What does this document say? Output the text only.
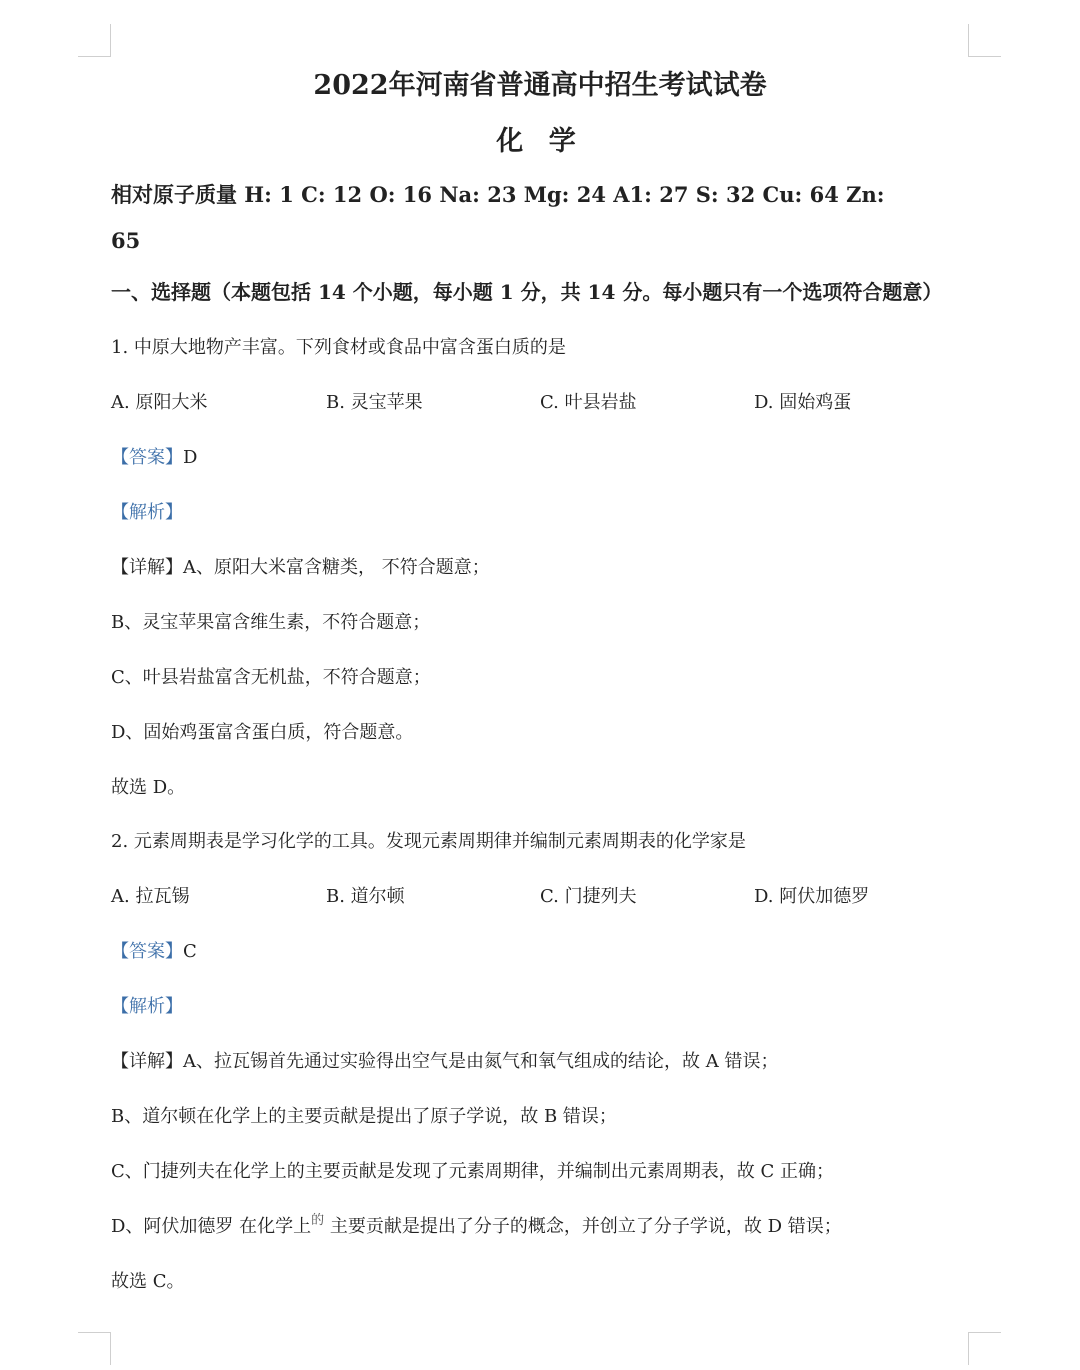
2022年河南省普通高中招生考试试卷
化 学
相对原子质量 H: 1 C: 12 O: 16 Na: 23 Mg: 24 A1: 27 S: 32 Cu: 64 Zn:
65
一、选择题（本题包括 14 个小题，每小题 1 分，共 14 分。每小题只有一个选项符合题意）
1. 中原大地物产丰富。下列食材或食品中富含蛋白质的是
A. 原阳大米	B. 灵宝苹果	C. 叶县岩盐	D. 固始鸡蛋
【答案】D
【解析】
【详解】A、原阳大米富含糖类， 不符合题意；
B、灵宝苹果富含维生素，不符合题意；
C、叶县岩盐富含无机盐，不符合题意；
D、固始鸡蛋富含蛋白质，符合题意。
故选 D。
2. 元素周期表是学习化学的工具。发现元素周期律并编制元素周期表的化学家是
A. 拉瓦锡	B. 道尔顿	C. 门捷列夫	D. 阿伏加德罗
【答案】C
【解析】
【详解】A、拉瓦锡首先通过实验得出空气是由氮气和氧气组成的结论，故 A 错误；
B、道尔顿在化学上的主要贡献是提出了原子学说，故 B 错误；
C、门捷列夫在化学上的主要贡献是发现了元素周期律，并编制出元素周期表，故 C 正确；
D、阿伏加德罗 在化学上$^的$ 主要贡献是提出了分子的概念，并创立了分子学说，故 D 错误；
故选 C。
